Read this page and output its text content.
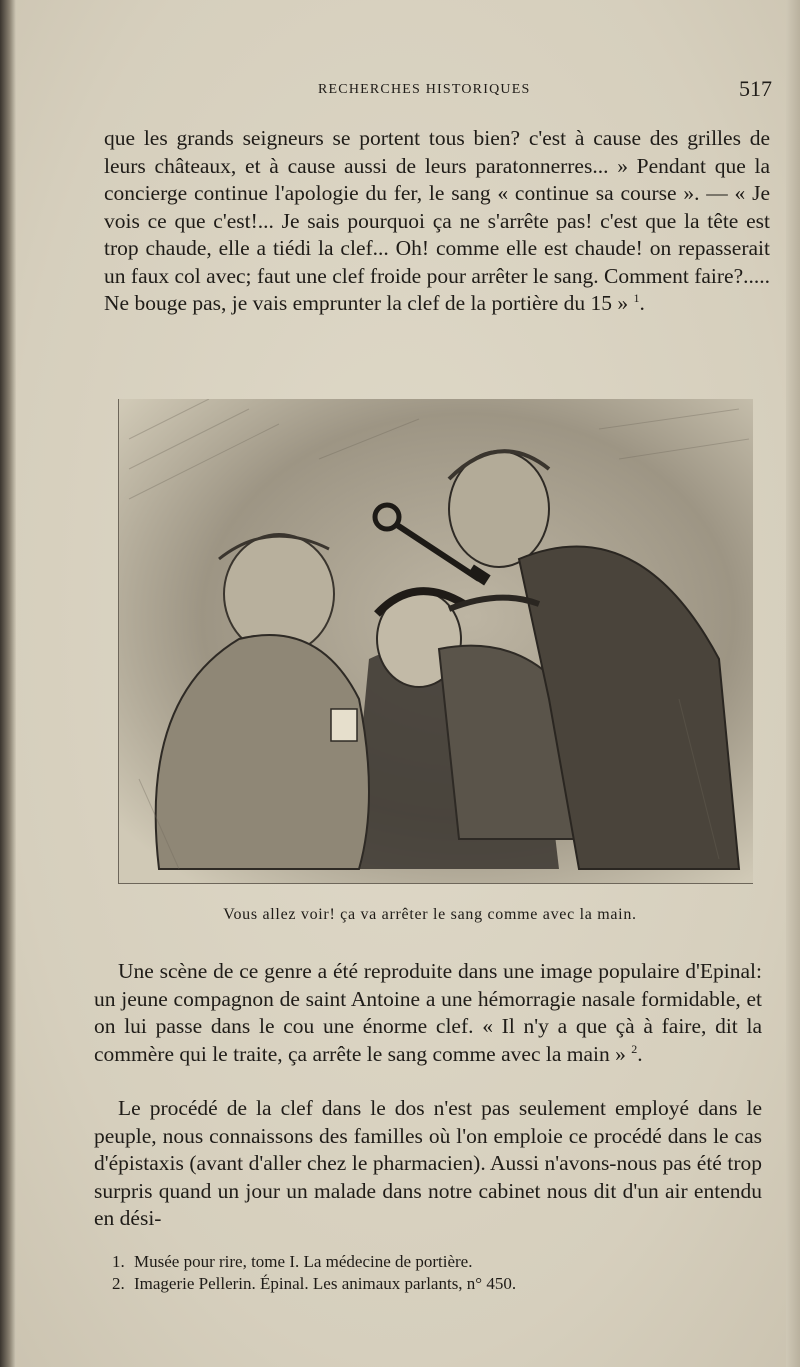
RECHERCHES HISTORIQUES	517

que les grands seigneurs se portent tous bien? c'est à cause des grilles de leurs châteaux, et à cause aussi de leurs paratonnerres... » Pendant que la concierge continue l'apologie du fer, le sang « continue sa course ». — « Je vois ce que c'est!... Je sais pourquoi ça ne s'arrête pas! c'est que la tête est trop chaude, elle a tiédi la clef... Oh! comme elle est chaude! on repasserait un faux col avec; faut une clef froide pour arrêter le sang. Comment faire?..... Ne bouge pas, je vais emprunter la clef de la portière du 15 » $^1$.

Vous allez voir! ça va arrêter le sang comme avec la main.

Une scène de ce genre a été reproduite dans une image populaire d'Epinal: un jeune compagnon de saint Antoine a une hémorragie nasale formidable, et on lui passe dans le cou une énorme clef. « Il n'y a que çà à faire, dit la commère qui le traite, ça arrête le sang comme avec la main » $^2$.

Le procédé de la clef dans le dos n'est pas seulement employé dans le peuple, nous connaissons des familles où l'on emploie ce procédé dans le cas d'épistaxis (avant d'aller chez le pharmacien). Aussi n'avons-nous pas été trop surpris quand un jour un malade dans notre cabinet nous dit d'un air entendu en dési-

1. Musée pour rire, tome I. La médecine de portière.

2. Imagerie Pellerin. Épinal. Les animaux parlants, n° 450.
